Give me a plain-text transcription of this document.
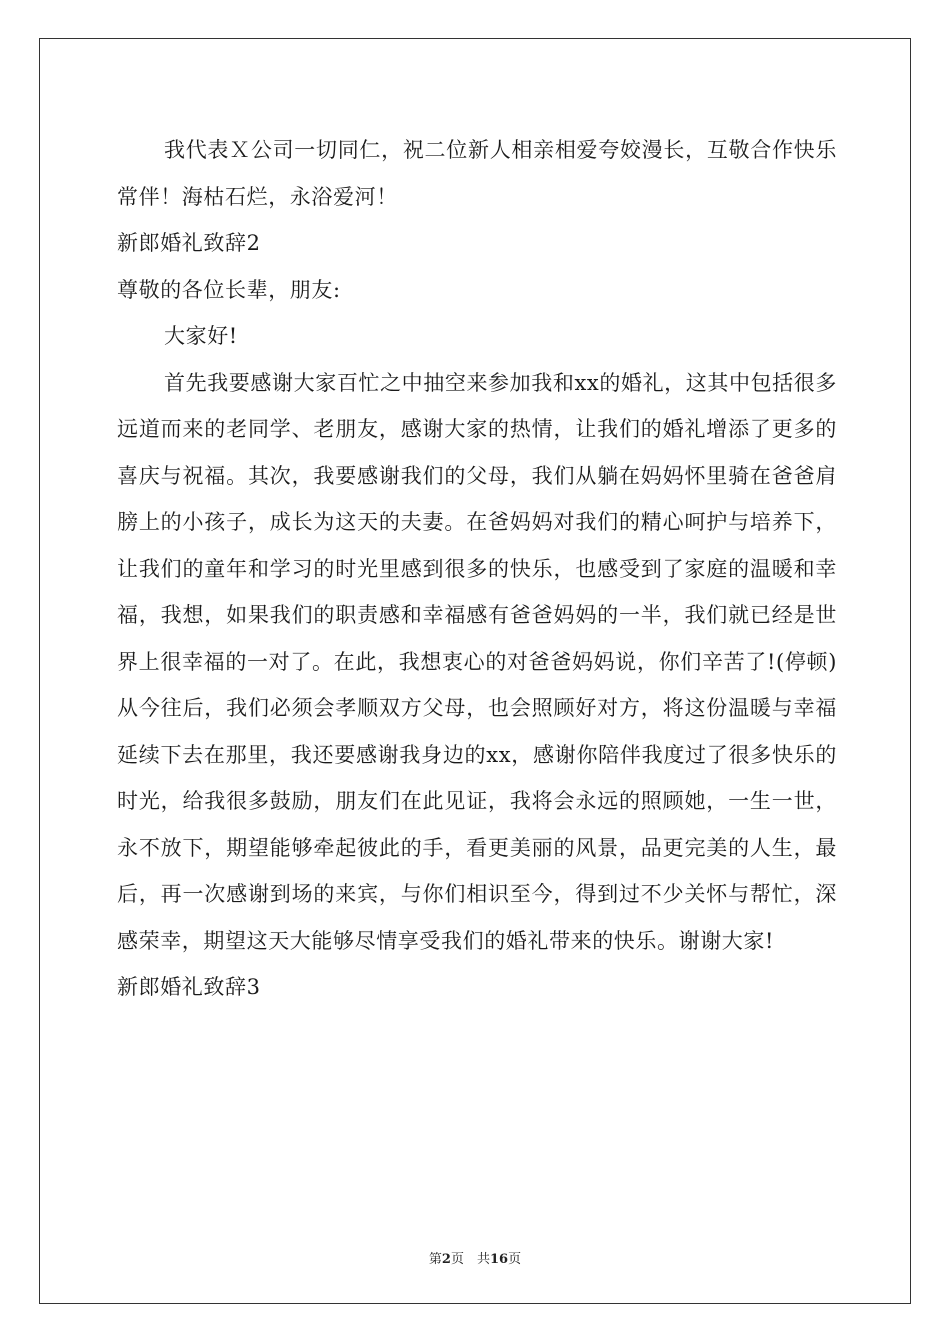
我代表Ｘ公司一切同仁，祝二位新人相亲相爱夸姣漫长，互敬合作快乐常伴！海枯石烂，永浴爱河！

新郎婚礼致辞2

尊敬的各位长辈，朋友:

大家好!

首先我要感谢大家百忙之中抽空来参加我和xx的婚礼，这其中包括很多远道而来的老同学、老朋友，感谢大家的热情，让我们的婚礼增添了更多的喜庆与祝福。其次，我要感谢我们的父母，我们从躺在妈妈怀里骑在爸爸肩膀上的小孩子，成长为这天的夫妻。在爸妈妈对我们的精心呵护与培养下，让我们的童年和学习的时光里感到很多的快乐，也感受到了家庭的温暖和幸福，我想，如果我们的职责感和幸福感有爸爸妈妈的一半，我们就已经是世界上很幸福的一对了。在此，我想衷心的对爸爸妈妈说，你们辛苦了!(停顿)从今往后，我们必须会孝顺双方父母，也会照顾好对方，将这份温暖与幸福延续下去在那里，我还要感谢我身边的xx，感谢你陪伴我度过了很多快乐的时光，给我很多鼓励，朋友们在此见证，我将会永远的照顾她，一生一世，永不放下，期望能够牵起彼此的手，看更美丽的风景，品更完美的人生，最后，再一次感谢到场的来宾，与你们相识至今，得到过不少关怀与帮忙，深感荣幸，期望这天大能够尽情享受我们的婚礼带来的快乐。谢谢大家!

新郎婚礼致辞3

第2页　共16页
